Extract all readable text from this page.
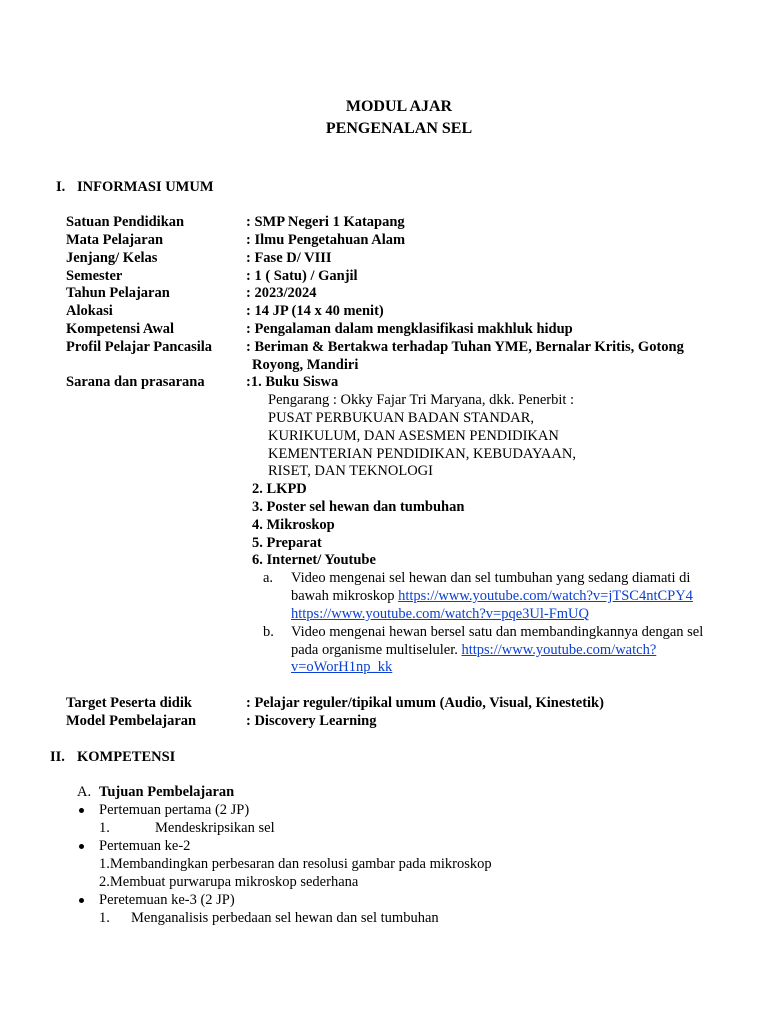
MODUL AJAR
PENGENALAN SEL
I. INFORMASI UMUM
Satuan Pendidikan	: SMP Negeri 1 Katapang
Mata Pelajaran	: Ilmu Pengetahuan Alam
Jenjang/ Kelas	: Fase D/ VIII
Semester	: 1 ( Satu) / Ganjil
Tahun Pelajaran	: 2023/2024
Alokasi	: 14 JP (14 x 40 menit)
Kompetensi Awal	: Pengalaman dalam mengklasifikasi makhluk hidup
Profil Pelajar Pancasila : Beriman & Bertakwa terhadap Tuhan YME, Bernalar Kritis, Gotong
Royong, Mandiri
Sarana dan prasarana	:1. Buku Siswa
Pengarang : Okky Fajar Tri Maryana, dkk. Penerbit :
PUSAT PERBUKUAN BADAN STANDAR,
KURIKULUM, DAN ASESMEN PENDIDIKAN
KEMENTERIAN PENDIDIKAN, KEBUDAYAAN,
RISET, DAN TEKNOLOGI
2. LKPD
3. Poster sel hewan dan tumbuhan
4. Mikroskop
5. Preparat
6. Internet/ Youtube
a. Video mengenai sel hewan dan sel tumbuhan yang sedang diamati di
bawah mikroskop https://www.youtube.com/watch?v=jTSC4ntCPY4
https://www.youtube.com/watch?v=pqe3Ul-FmUQ
b. Video mengenai hewan bersel satu dan membandingkannya dengan sel
pada organisme multiseluler. https://www.youtube.com/watch?
v=oWorH1np_kk
Target Peserta didik	: Pelajar reguler/tipikal umum (Audio, Visual, Kinestetik)
Model Pembelajaran	: Discovery Learning
II. KOMPETENSI
A. Tujuan Pembelajaran
Pertemuan pertama (2 JP)
1.	Mendeskripsikan sel
Pertemuan ke-2
1.Membandingkan perbesaran dan resolusi gambar pada mikroskop
2.Membuat purwarupa mikroskop sederhana
Peretemuan ke-3 (2 JP)
1. Menganalisis perbedaan sel hewan dan sel tumbuhan
